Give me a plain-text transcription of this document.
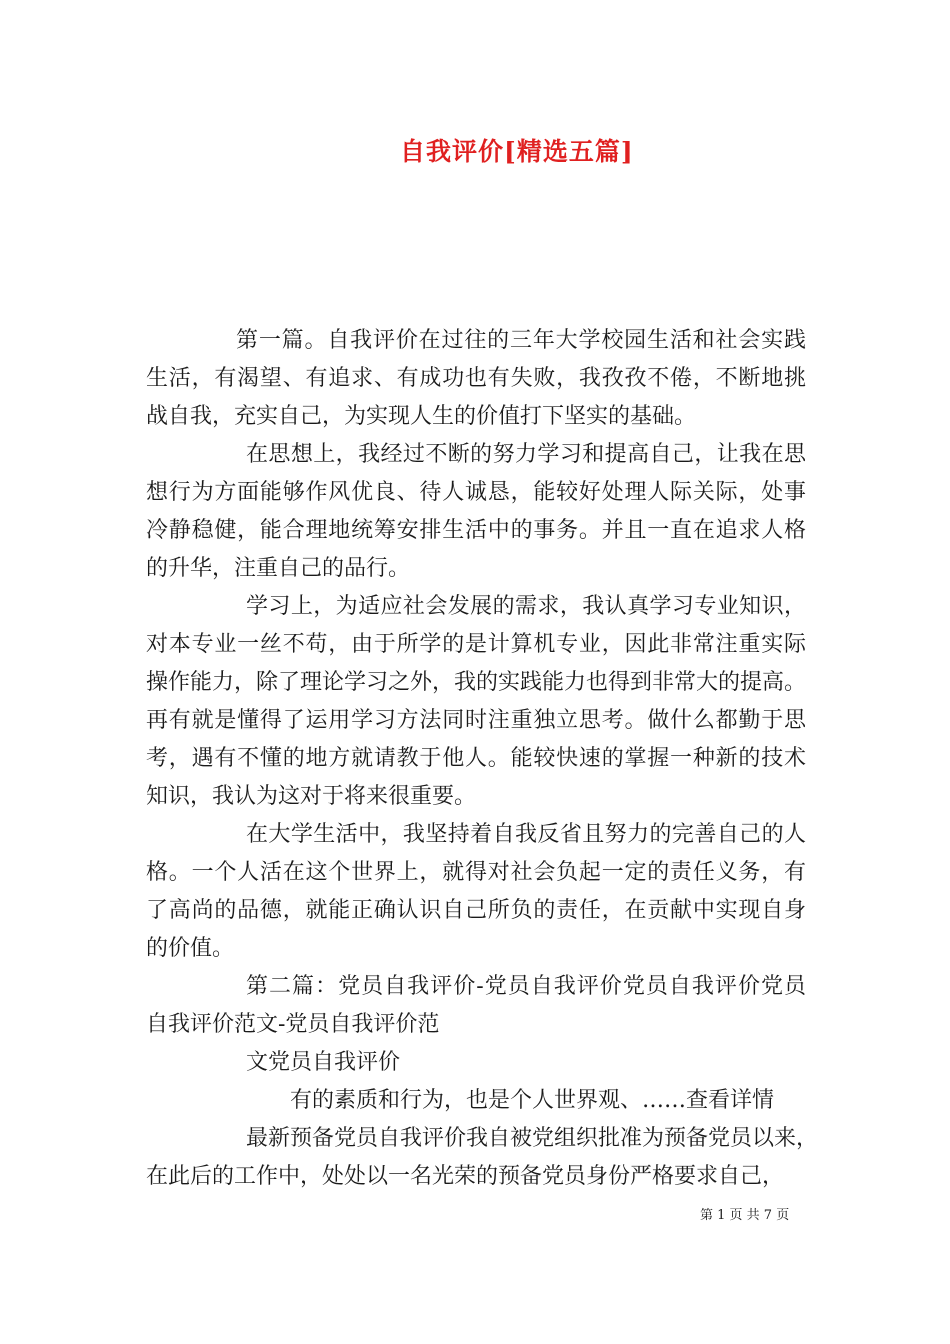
自我评价[精选五篇]

第一篇。自我评价在过往的三年大学校园生活和社会实践
生活，有渴望、有追求、有成功也有失败，我孜孜不倦，不断地挑
战自我，充实自己，为实现人生的价值打下坚实的基础。

在思想上，我经过不断的努力学习和提高自己，让我在思
想行为方面能够作风优良、待人诚恳，能较好处理人际关际，处事
冷静稳健，能合理地统筹安排生活中的事务。并且一直在追求人格
的升华，注重自己的品行。

学习上，为适应社会发展的需求，我认真学习专业知识，
对本专业一丝不苟，由于所学的是计算机专业，因此非常注重实际
操作能力，除了理论学习之外，我的实践能力也得到非常大的提高。
再有就是懂得了运用学习方法同时注重独立思考。做什么都勤于思
考，遇有不懂的地方就请教于他人。能较快速的掌握一种新的技术
知识，我认为这对于将来很重要。

在大学生活中，我坚持着自我反省且努力的完善自己的人
格。一个人活在这个世界上，就得对社会负起一定的责任义务，有
了高尚的品德，就能正确认识自己所负的责任，在贡献中实现自身
的价值。

第二篇：党员自我评价-党员自我评价党员自我评价党员
自我评价范文-党员自我评价范

文党员自我评价

有的素质和行为，也是个人世界观、……查看详情

最新预备党员自我评价我自被党组织批准为预备党员以来，
在此后的工作中，处处以一名光荣的预备党员身份严格要求自己，

第 1 页 共 7 页
